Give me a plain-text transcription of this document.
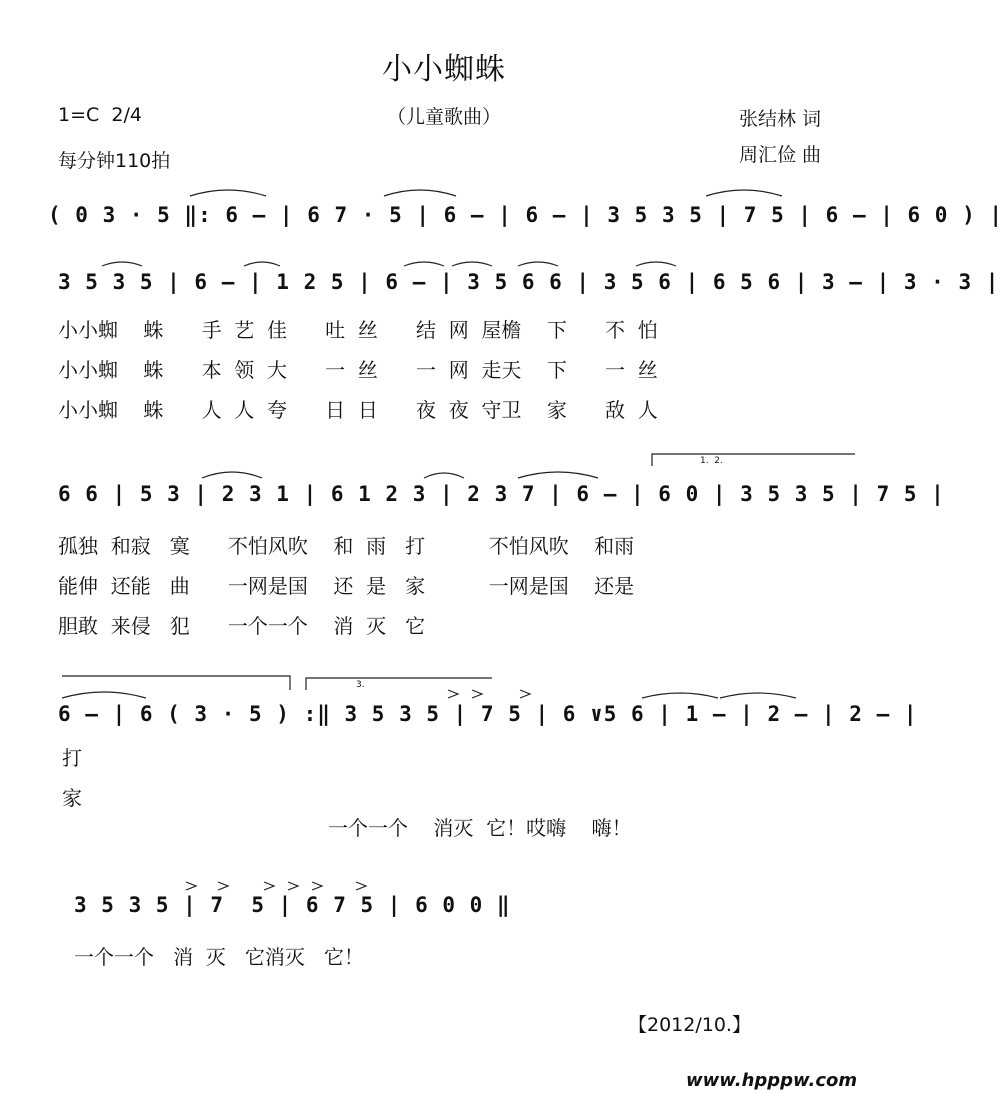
小小蜘蛛
1=C  2/4	（儿童歌曲）	张结林 词
每分钟110拍	周汇俭 曲
( 0 3 · 5 ‖: 6 – | 6 7 · 5 | 6 – | 6 – | 3 5 3 5 | 7 5 | 6 – | 6 0 ) |
3 5 3 5 | 6 – | 1 2 5 | 6 – | 3 5 6 6 | 3 5 6 | 6 5 6 | 3 – | 3 · 3 |
小小蜘    蛛      手  艺  佳      吐  丝      结  网  屋檐    下      不  怕
小小蜘    蛛      本  领  大      一  丝      一  网  走天    下      一  丝
小小蜘    蛛      人  人  夸      日  日      夜  夜  守卫    家      敌  人
1.  2.
6 6 | 5 3 | 2 3 1 | 6 1 2 3 | 2 3 7 | 6 – | 6 0 | 3 5 3 5 | 7 5 |
孤独  和寂   寞      不怕风吹    和  雨   打          不怕风吹    和雨
能伸  还能   曲      一网是国    还  是   家          一网是国    还是
胆敢  来侵   犯      一个一个    消  灭   它
3.
6 – | 6 ( 3 · 5 ) :‖ 3 5 3 5 | 7 5 | 6 ∨5 6 | 1 – | 2 – | 2 – |
打
家
一个一个    消灭  它！哎嗨    嗨！
3 5 3 5 | 7  5 | 6 7 5 | 6 0 0 ‖
一个一个   消  灭   它消灭   它！
【2012/10.】
www.hpppw.com
